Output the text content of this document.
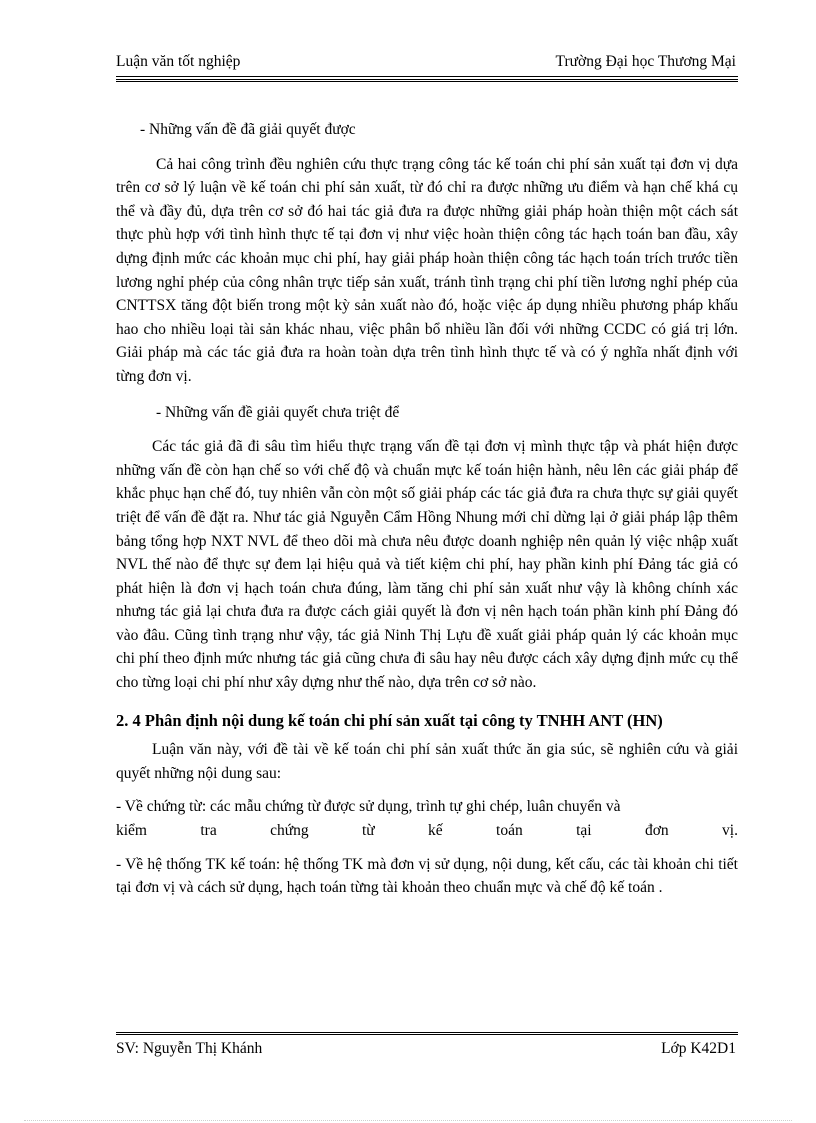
Luận văn tốt nghiệp	Trường Đại học Thương Mại

- Những vấn đề đã giải quyết được

Cả hai công trình đều nghiên cứu thực trạng công tác kế toán chi phí sản xuất tại đơn vị dựa trên cơ sở lý luận về kế toán chi phí sản xuất, từ đó chỉ ra được những ưu điểm và hạn chế khá cụ thể và đầy đủ, dựa trên cơ sở đó hai tác giả đưa ra được những giải pháp hoàn thiện một cách sát thực phù hợp với tình hình thực tế tại đơn vị như việc hoàn thiện công tác hạch toán ban đầu, xây dựng định mức các khoản mục chi phí, hay giải pháp hoàn thiện công tác hạch toán trích trước tiền lương nghỉ phép của công nhân trực tiếp sản xuất, tránh tình trạng chi phí tiền lương nghỉ phép của CNTTSX tăng đột biến trong một kỳ sản xuất nào đó, hoặc việc áp dụng nhiều phương pháp khấu hao cho nhiều loại tài sản khác nhau, việc phân bổ nhiều lần đối với những CCDC có giá trị lớn. Giải pháp mà các tác giả đưa ra hoàn toàn dựa trên tình hình thực tế và có ý nghĩa nhất định với từng đơn vị.

- Những vấn đề giải quyết chưa triệt để

Các tác giả đã đi sâu tìm hiểu thực trạng vấn đề tại đơn vị mình thực tập và phát hiện được những vấn đề còn hạn chế so với chế độ và chuẩn mực kế toán hiện hành, nêu lên các giải pháp để khắc phục hạn chế đó, tuy nhiên vẫn còn một số giải pháp các tác giả đưa ra chưa thực sự giải quyết triệt để vấn đề đặt ra. Như tác giả Nguyễn Cẩm Hồng Nhung mới chỉ dừng lại ở giải pháp lập thêm bảng tổng hợp NXT NVL để theo dõi mà chưa nêu được doanh nghiệp nên quản lý việc nhập xuất NVL thế nào để thực sự đem lại hiệu quả và tiết kiệm chi phí, hay phần kinh phí Đảng tác giả có phát hiện là đơn vị hạch toán chưa đúng, làm tăng chi phí sản xuất như vậy là không chính xác nhưng tác giả lại chưa đưa ra được cách giải quyết là đơn vị nên hạch toán phần kinh phí Đảng đó vào đâu. Cũng tình trạng như vậy, tác giả Ninh Thị Lựu đề xuất giải pháp quản lý các khoản mục chi phí theo định mức nhưng tác giả cũng chưa đi sâu hay nêu được cách xây dựng định mức cụ thể cho từng loại chi phí như xây dựng như thế nào, dựa trên cơ sở nào.

2. 4 Phân định nội dung kế toán chi phí sản xuất tại công ty TNHH ANT (HN)

Luận văn này, với đề tài về kế toán chi phí sản xuất thức ăn gia súc, sẽ nghiên cứu và giải quyết những nội dung sau:

- Về chứng từ: các mẫu chứng từ được sử dụng, trình tự ghi chép, luân chuyển và

kiểm	tra	chứng	từ	kế	toán	tại	đơn	vị.

- Về hệ thống TK kế toán: hệ thống TK mà đơn vị sử dụng, nội dung, kết cấu, các tài khoản chi tiết tại đơn vị và cách sử dụng, hạch toán từng tài khoản theo chuẩn mực và chế độ kế toán .

SV: Nguyễn Thị Khánh	Lớp K42D1
